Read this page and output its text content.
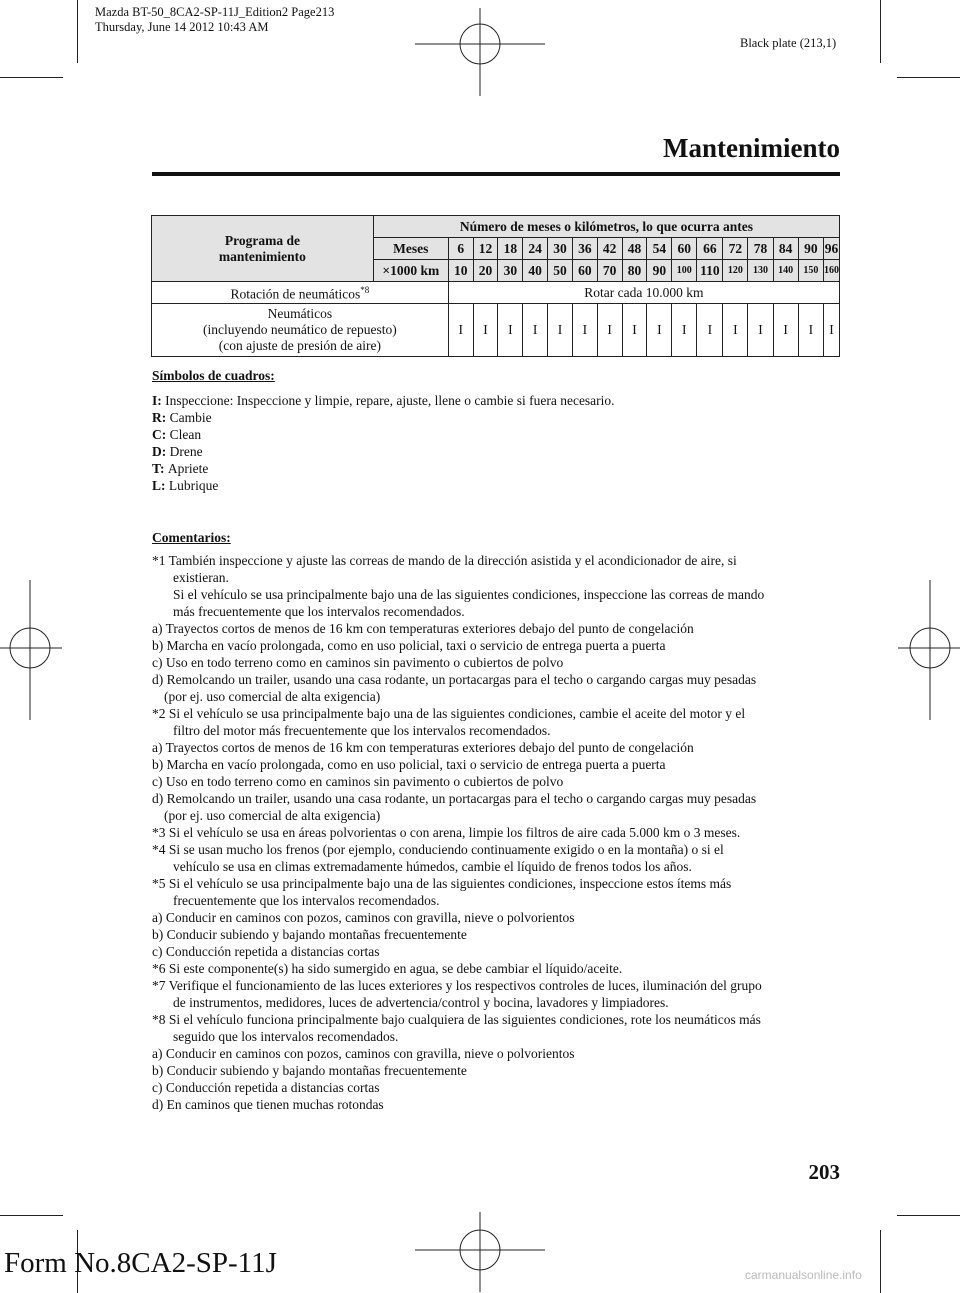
Mazda BT-50_8CA2-SP-11J_Edition2 Page213
Thursday, June 14 2012 10:43 AM
Black plate (213,1)
Mantenimiento
Programa de
mantenimiento	Número de meses o kilómetros, lo que ocurra antes																
	Meses	6	12	18	24	30	36	42	48	54	60	66	72	78	84	90	96
	×1000 km	10	20	30	40	50	60	70	80	90	100	110	120	130	140	150	160
Rotación de neumáticos$^{*8}$		Rotar cada 10.000 km															

Neumáticos
(incluyendo neumático de repuesto)
(con ajuste de presión de aire)		I	I	I	I	I	I	I	I	I	I	I	I	I	I	I	I
Símbolos de cuadros:
I: Inspeccione: Inspeccione y limpie, repare, ajuste, llene o cambie si fuera necesario.
R: Cambie
C: Clean
D: Drene
T: Apriete
L: Lubrique

Comentarios:

*1 También inspeccione y ajuste las correas de mando de la dirección asistida y el acondicionador de aire, si

existieran.

Si el vehículo se usa principalmente bajo una de las siguientes condiciones, inspeccione las correas de mando

más frecuentemente que los intervalos recomendados.

a) Trayectos cortos de menos de 16 km con temperaturas exteriores debajo del punto de congelación

b) Marcha en vacío prolongada, como en uso policial, taxi o servicio de entrega puerta a puerta

c) Uso en todo terreno como en caminos sin pavimento o cubiertos de polvo

d) Remolcando un trailer, usando una casa rodante, un portacargas para el techo o cargando cargas muy pesadas

(por ej. uso comercial de alta exigencia)

*2 Si el vehículo se usa principalmente bajo una de las siguientes condiciones, cambie el aceite del motor y el

filtro del motor más frecuentemente que los intervalos recomendados.

a) Trayectos cortos de menos de 16 km con temperaturas exteriores debajo del punto de congelación

b) Marcha en vacío prolongada, como en uso policial, taxi o servicio de entrega puerta a puerta

c) Uso en todo terreno como en caminos sin pavimento o cubiertos de polvo

d) Remolcando un trailer, usando una casa rodante, un portacargas para el techo o cargando cargas muy pesadas

(por ej. uso comercial de alta exigencia)

*3 Si el vehículo se usa en áreas polvorientas o con arena, limpie los filtros de aire cada 5.000 km o 3 meses.

*4 Si se usan mucho los frenos (por ejemplo, conduciendo continuamente exigido o en la montaña) o si el

vehículo se usa en climas extremadamente húmedos, cambie el líquido de frenos todos los años.

*5 Si el vehículo se usa principalmente bajo una de las siguientes condiciones, inspeccione estos ítems más

frecuentemente que los intervalos recomendados.

a) Conducir en caminos con pozos, caminos con gravilla, nieve o polvorientos

b) Conducir subiendo y bajando montañas frecuentemente

c) Conducción repetida a distancias cortas

*6 Si este componente(s) ha sido sumergido en agua, se debe cambiar el líquido/aceite.

*7 Verifique el funcionamiento de las luces exteriores y los respectivos controles de luces, iluminación del grupo

de instrumentos, medidores, luces de advertencia/control y bocina, lavadores y limpiadores.

*8 Si el vehículo funciona principalmente bajo cualquiera de las siguientes condiciones, rote los neumáticos más

seguido que los intervalos recomendados.

a) Conducir en caminos con pozos, caminos con gravilla, nieve o polvorientos

b) Conducir subiendo y bajando montañas frecuentemente

c) Conducción repetida a distancias cortas

d) En caminos que tienen muchas rotondas

203
Form No.8CA2-SP-11J	carmanualsonline.info
